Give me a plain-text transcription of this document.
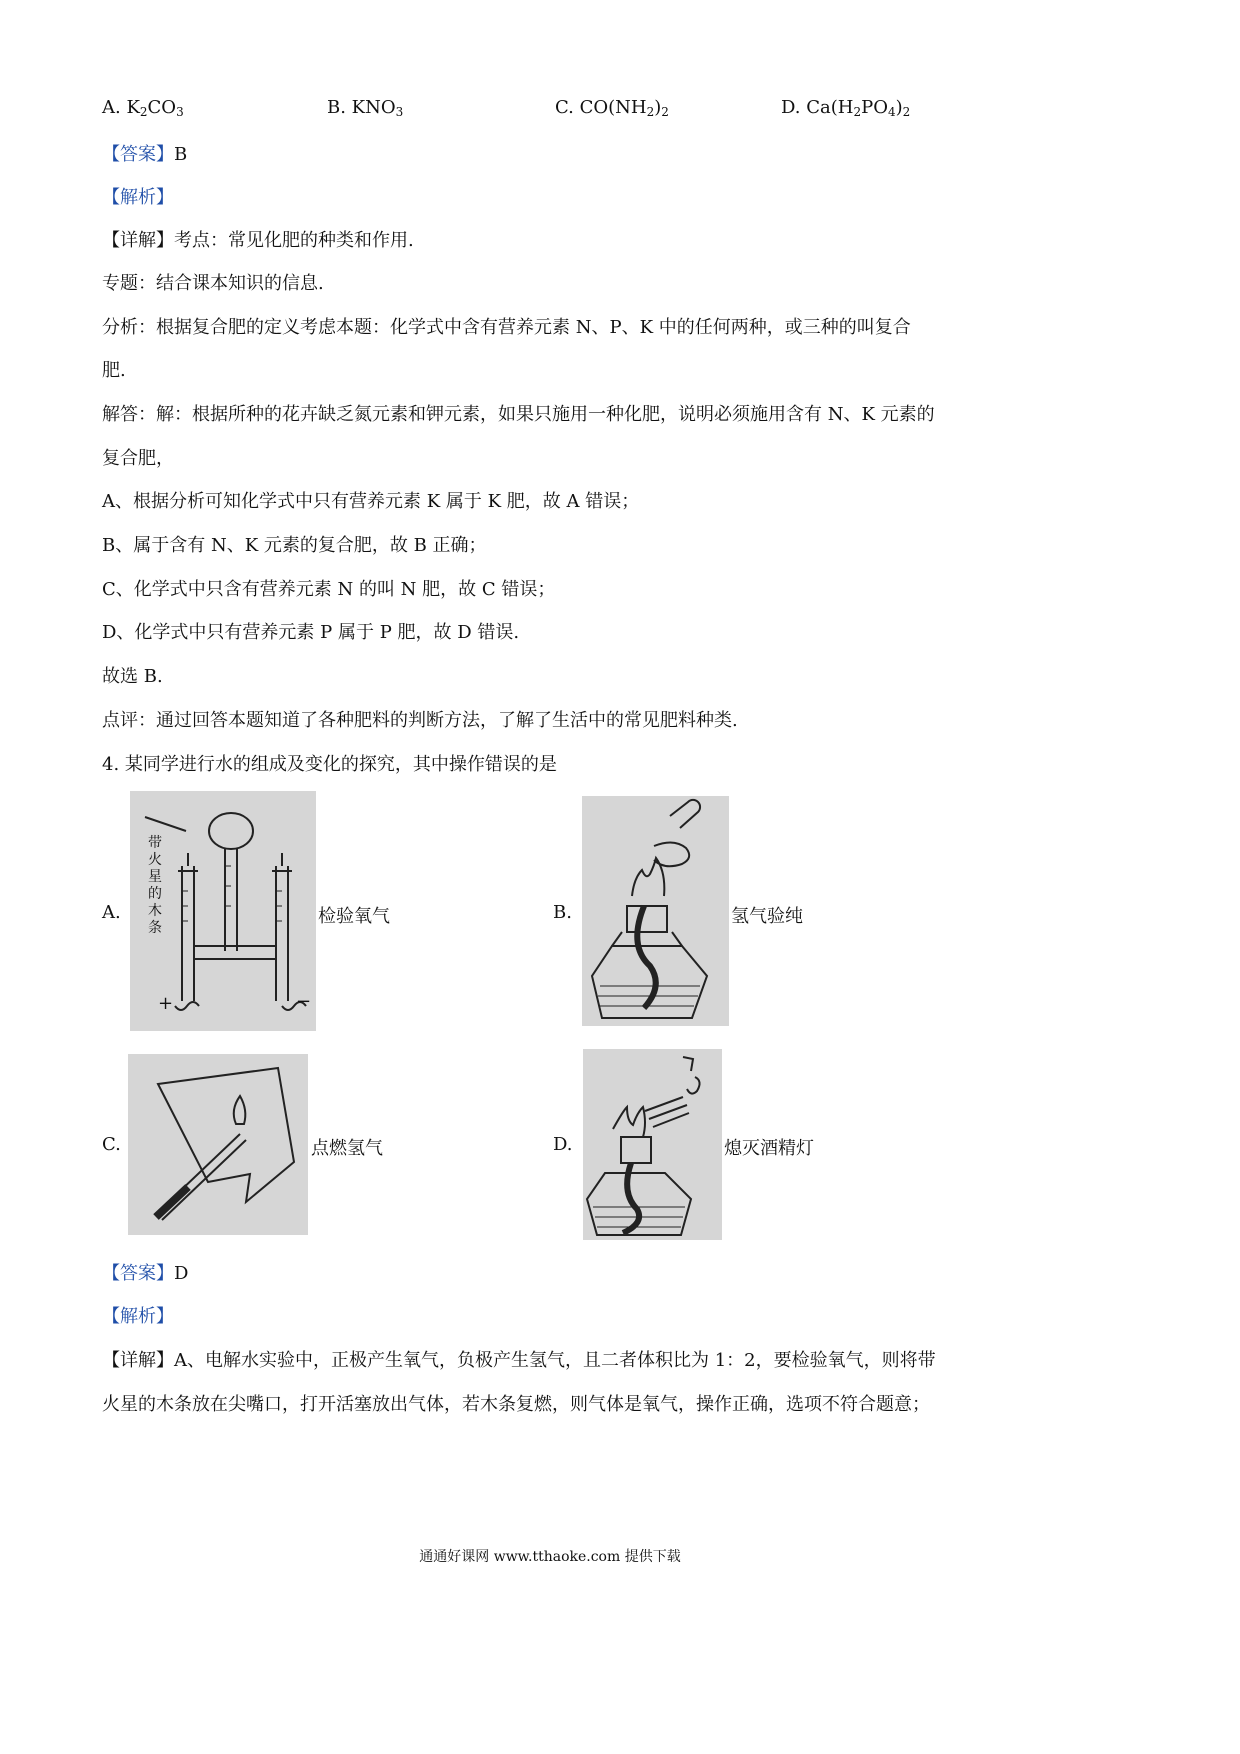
A. $K_2CO_3$	B. $KNO_3$	C. $CO(NH_2)_2$	D. $Ca(H_2PO_4)_2$
【答案】B
【解析】
【详解】考点：常见化肥的种类和作用.
专题：结合课本知识的信息.
分析：根据复合肥的定义考虑本题：化学式中含有营养元素 N、P、K 中的任何两种，或三种的叫复合
肥.
解答：解：根据所种的花卉缺乏氮元素和钾元素，如果只施用一种化肥，说明必须施用含有 N、K 元素的
复合肥，
A、根据分析可知化学式中只有营养元素 K 属于 K 肥，故 A 错误；
B、属于含有 N、K 元素的复合肥，故 B 正确；
C、化学式中只含有营养元素 N 的叫 N 肥，故 C 错误；
D、化学式中只有营养元素 P 属于 P 肥，故 D 错误.
故选 B.
点评：通过回答本题知道了各种肥料的判断方法，了解了生活中的常见肥料种类.
4. 某同学进行水的组成及变化的探究，其中操作错误的是
A.
带火星的木条
+	−
检验氧气	B.	氢气验纯
C.	点燃氢气	D.	熄灭酒精灯
【答案】D
【解析】
【详解】A、电解水实验中，正极产生氧气，负极产生氢气，且二者体积比为 1：2，要检验氧气，则将带
火星的木条放在尖嘴口，打开活塞放出气体，若木条复燃，则气体是氧气，操作正确，选项不符合题意；
通通好课网 www.tthaoke.com 提供下载
